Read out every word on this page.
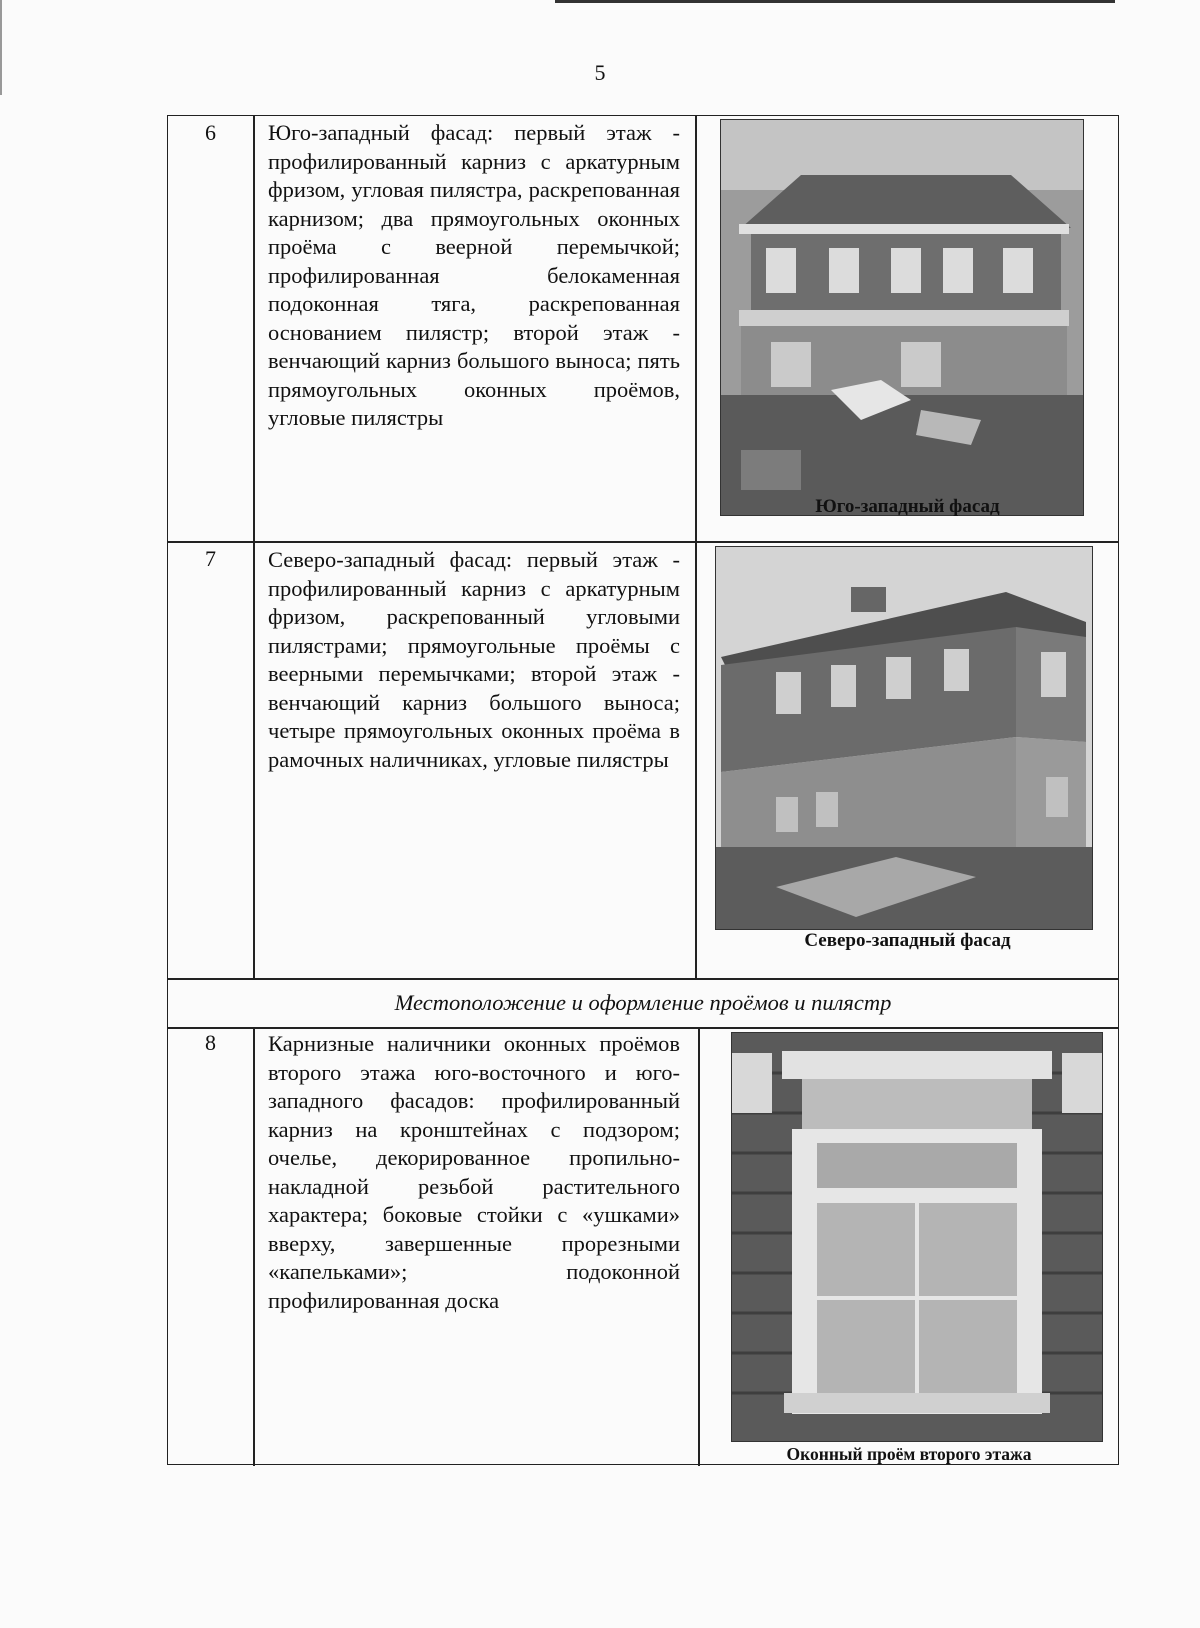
5
6	Юго-западный фасад: первый этаж - профилированный карниз с аркатурным фризом, угловая пилястра, раскрепованная карнизом; два прямоугольных оконных проёма с веерной перемычкой; профилированная белокаменная подоконная тяга, раскрепованная основанием пилястр; второй этаж - венчающий карниз большого выноса; пять прямоугольных оконных проёмов, угловые пилястры
Юго-западный фасад
7	Северо-западный фасад: первый этаж - профилированный карниз с аркатурным фризом, раскрепованный угловыми пилястрами; прямоугольные проёмы с веерными перемычками; второй этаж - венчающий карниз большого выноса; четыре прямоугольных оконных проёма в рамочных наличниках, угловые пилястры
Северо-западный фасад
Местоположение и оформление проёмов и пилястр
8	Карнизные наличники оконных проёмов второго этажа юго-восточного и юго-западного фасадов: профилированный карниз на кронштейнах с подзором; очелье, декорированное пропильно-накладной резьбой растительного характера; боковые стойки с «ушками» вверху, завершенные прорезными «капельками»; подоконной профилированная доска
Оконный проём второго этажа
